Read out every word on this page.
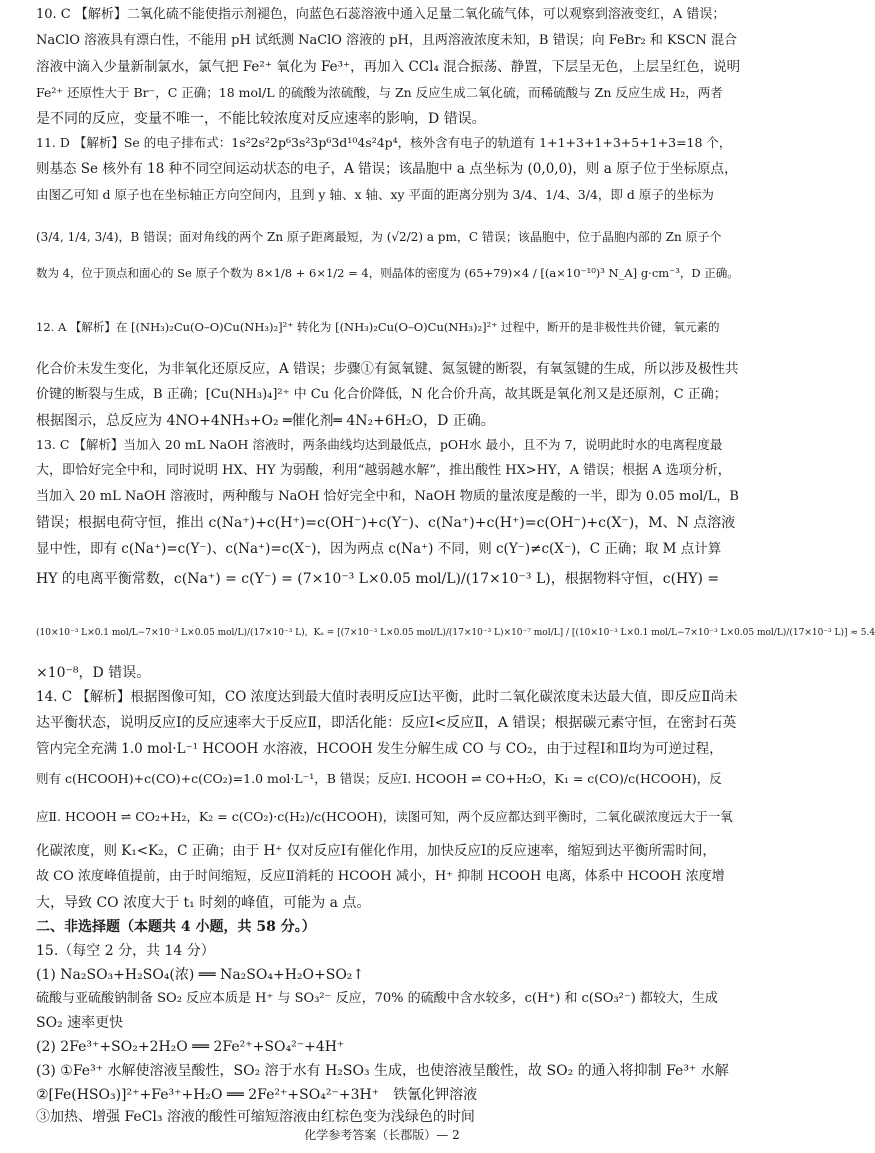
10. C 【解析】二氧化硫不能使指示剂褪色，向蓝色石蕊溶液中通入足量二氧化硫气体，可以观察到溶液变红，A 错误；

NaClO 溶液具有漂白性，不能用 pH 试纸测 NaClO 溶液的 pH，且两溶液浓度未知，B 错误；向 FeBr₂ 和 KSCN 混合

溶液中滴入少量新制氯水，氯气把 Fe²⁺ 氧化为 Fe³⁺，再加入 CCl₄ 混合振荡、静置，下层呈无色，上层呈红色，说明

Fe²⁺ 还原性大于 Br⁻，C 正确；18 mol/L 的硫酸为浓硫酸，与 Zn 反应生成二氧化硫，而稀硫酸与 Zn 反应生成 H₂，两者

是不同的反应，变量不唯一，不能比较浓度对反应速率的影响，D 错误。

11. D 【解析】Se 的电子排布式：1s²2s²2p⁶3s²3p⁶3d¹⁰4s²4p⁴，核外含有电子的轨道有 1+1+3+1+3+5+1+3=18 个，

则基态 Se 核外有 18 种不同空间运动状态的电子，A 错误；该晶胞中 a 点坐标为 (0,0,0)，则 a 原子位于坐标原点，

由图乙可知 d 原子也在坐标轴正方向空间内，且到 y 轴、x 轴、xy 平面的距离分别为 3/4、1/4、3/4，即 d 原子的坐标为

(3/4, 1/4, 3/4)，B 错误；面对角线的两个 Zn 原子距离最短，为 (√2/2) a pm，C 错误；该晶胞中，位于晶胞内部的 Zn 原子个

数为 4，位于顶点和面心的 Se 原子个数为 8×1/8 + 6×1/2 = 4，则晶体的密度为 (65+79)×4 / [(a×10⁻¹⁰)³ N_A] g·cm⁻³，D 正确。

12. A 【解析】在 [(NH₃)₂Cu(O–O)Cu(NH₃)₂]²⁺ 转化为 [(NH₃)₂Cu(O–O)Cu(NH₃)₂]²⁺ 过程中，断开的是非极性共价键，氧元素的

化合价未发生变化，为非氧化还原反应，A 错误；步骤①有氮氧键、氮氢键的断裂，有氧氢键的生成，所以涉及极性共

价键的断裂与生成，B 正确；[Cu(NH₃)₄]²⁺ 中 Cu 化合价降低，N 化合价升高，故其既是氧化剂又是还原剂，C 正确；

根据图示，总反应为 4NO+4NH₃+O₂ ═催化剂═ 4N₂+6H₂O，D 正确。

13. C 【解析】当加入 20 mL NaOH 溶液时，两条曲线均达到最低点，pOH水 最小，且不为 7，说明此时水的电离程度最

大，即恰好完全中和，同时说明 HX、HY 为弱酸，利用“越弱越水解”，推出酸性 HX>HY，A 错误；根据 A 选项分析，

当加入 20 mL NaOH 溶液时，两种酸与 NaOH 恰好完全中和，NaOH 物质的量浓度是酸的一半，即为 0.05 mol/L，B

错误；根据电荷守恒，推出 c(Na⁺)+c(H⁺)=c(OH⁻)+c(Y⁻)、c(Na⁺)+c(H⁺)=c(OH⁻)+c(X⁻)，M、N 点溶液

显中性，即有 c(Na⁺)=c(Y⁻)、c(Na⁺)=c(X⁻)，因为两点 c(Na⁺) 不同，则 c(Y⁻)≠c(X⁻)，C 正确；取 M 点计算

HY 的电离平衡常数，c(Na⁺) = c(Y⁻) = (7×10⁻³ L×0.05 mol/L)/(17×10⁻³ L)，根据物料守恒，c(HY) =

(10×10⁻³ L×0.1 mol/L−7×10⁻³ L×0.05 mol/L)/(17×10⁻³ L)，Kₐ = [(7×10⁻³ L×0.05 mol/L)/(17×10⁻³ L)×10⁻⁷ mol/L] / [(10×10⁻³ L×0.1 mol/L−7×10⁻³ L×0.05 mol/L)/(17×10⁻³ L)] ≈ 5.4

×10⁻⁸，D 错误。

14. C 【解析】根据图像可知，CO 浓度达到最大值时表明反应Ⅰ达平衡，此时二氧化碳浓度未达最大值，即反应Ⅱ尚未

达平衡状态，说明反应Ⅰ的反应速率大于反应Ⅱ，即活化能：反应Ⅰ<反应Ⅱ，A 错误；根据碳元素守恒，在密封石英

管内完全充满 1.0 mol·L⁻¹ HCOOH 水溶液，HCOOH 发生分解生成 CO 与 CO₂，由于过程Ⅰ和Ⅱ均为可逆过程，

则有 c(HCOOH)+c(CO)+c(CO₂)=1.0 mol·L⁻¹，B 错误；反应Ⅰ. HCOOH ⇌ CO+H₂O，K₁ = c(CO)/c(HCOOH)，反

应Ⅱ. HCOOH ⇌ CO₂+H₂，K₂ = c(CO₂)·c(H₂)/c(HCOOH)，读图可知，两个反应都达到平衡时，二氧化碳浓度远大于一氧

化碳浓度，则 K₁<K₂，C 正确；由于 H⁺ 仅对反应Ⅰ有催化作用，加快反应Ⅰ的反应速率，缩短到达平衡所需时间，

故 CO 浓度峰值提前，由于时间缩短，反应Ⅱ消耗的 HCOOH 减小，H⁺ 抑制 HCOOH 电离，体系中 HCOOH 浓度增

大，导致 CO 浓度大于 t₁ 时刻的峰值，可能为 a 点。

二、非选择题（本题共 4 小题，共 58 分。）

15.（每空 2 分，共 14 分）

(1) Na₂SO₃+H₂SO₄(浓) ══ Na₂SO₄+H₂O+SO₂↑

硫酸与亚硫酸钠制备 SO₂ 反应本质是 H⁺ 与 SO₃²⁻ 反应，70% 的硫酸中含水较多，c(H⁺) 和 c(SO₃²⁻) 都较大，生成

SO₂ 速率更快

(2) 2Fe³⁺+SO₂+2H₂O ══ 2Fe²⁺+SO₄²⁻+4H⁺

(3) ①Fe³⁺ 水解使溶液呈酸性，SO₂ 溶于水有 H₂SO₃ 生成，也使溶液呈酸性，故 SO₂ 的通入将抑制 Fe³⁺ 水解

②[Fe(HSO₃)]²⁺+Fe³⁺+H₂O ══ 2Fe²⁺+SO₄²⁻+3H⁺　铁氰化钾溶液

③加热、增强 FeCl₃ 溶液的酸性可缩短溶液由红棕色变为浅绿色的时间

化学参考答案（长郡版）— 2
